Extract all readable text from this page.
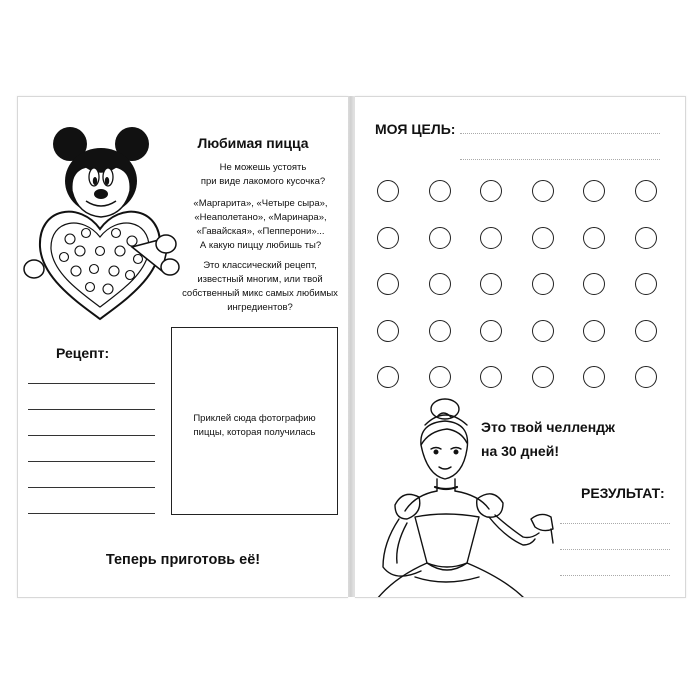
Любимая пицца
Не можешь устоять
при виде лакомого кусочка?
«Маргарита», «Четыре сыра»,
«Неаполетано», «Маринара»,
«Гавайская», «Пепперони»...
А какую пиццу любишь ты?
Это классический рецепт,
известный многим, или твой
собственный микс самых любимых
ингредиентов?
Рецепт:
Приклей сюда фотографию
пиццы, которая получилась
Теперь приготовь её!
МОЯ ЦЕЛЬ:
Это твой челлендж
на 30 дней!
РЕЗУЛЬТАТ:
